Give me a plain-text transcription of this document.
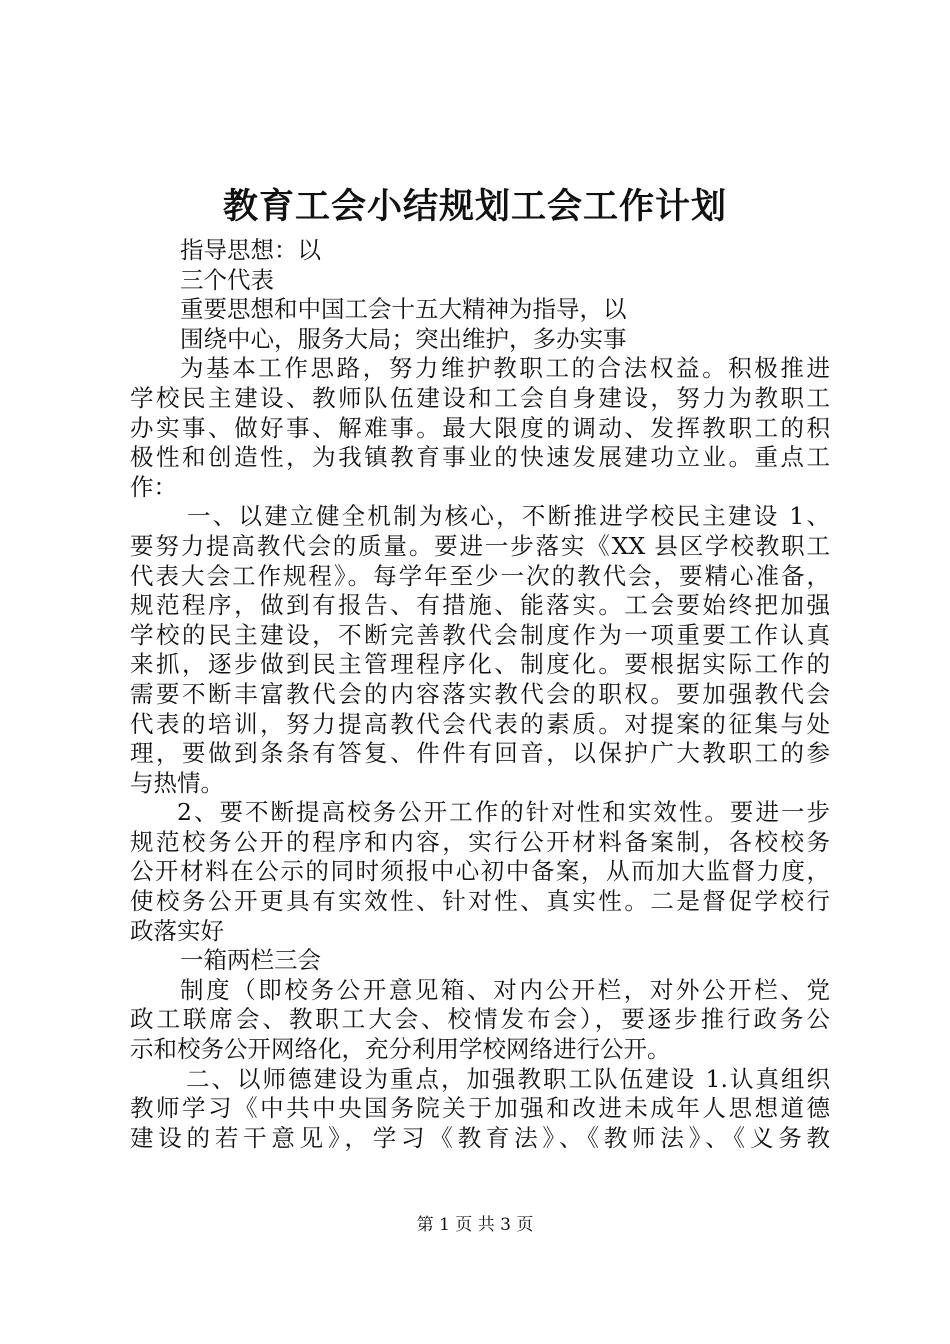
教育工会小结规划工会工作计划
指导思想：以
三个代表
重要思想和中国工会十五大精神为指导，以
围绕中心，服务大局；突出维护，多办实事
为基本工作思路，努力维护教职工的合法权益。积极推进
学校民主建设、教师队伍建设和工会自身建设，努力为教职工
办实事、做好事、解难事。最大限度的调动、发挥教职工的积
极性和创造性，为我镇教育事业的快速发展建功立业。重点工
作：
一、以建立健全机制为核心，不断推进学校民主建设 1、
要努力提高教代会的质量。要进一步落实《XX 县区学校教职工
代表大会工作规程》。每学年至少一次的教代会，要精心准备，
规范程序，做到有报告、有措施、能落实。工会要始终把加强
学校的民主建设，不断完善教代会制度作为一项重要工作认真
来抓，逐步做到民主管理程序化、制度化。要根据实际工作的
需要不断丰富教代会的内容落实教代会的职权。要加强教代会
代表的培训，努力提高教代会代表的素质。对提案的征集与处
理，要做到条条有答复、件件有回音，以保护广大教职工的参
与热情。
2、要不断提高校务公开工作的针对性和实效性。要进一步
规范校务公开的程序和内容，实行公开材料备案制，各校校务
公开材料在公示的同时须报中心初中备案，从而加大监督力度，
使校务公开更具有实效性、针对性、真实性。二是督促学校行
政落实好
一箱两栏三会
制度（即校务公开意见箱、对内公开栏，对外公开栏、党
政工联席会、教职工大会、校情发布会），要逐步推行政务公
示和校务公开网络化，充分利用学校网络进行公开。
二、以师德建设为重点，加强教职工队伍建设 1.认真组织
教师学习《中共中央国务院关于加强和改进未成年人思想道德
建设的若干意见》，学习《教育法》、《教师法》、《义务教
第 1 页 共 3 页
